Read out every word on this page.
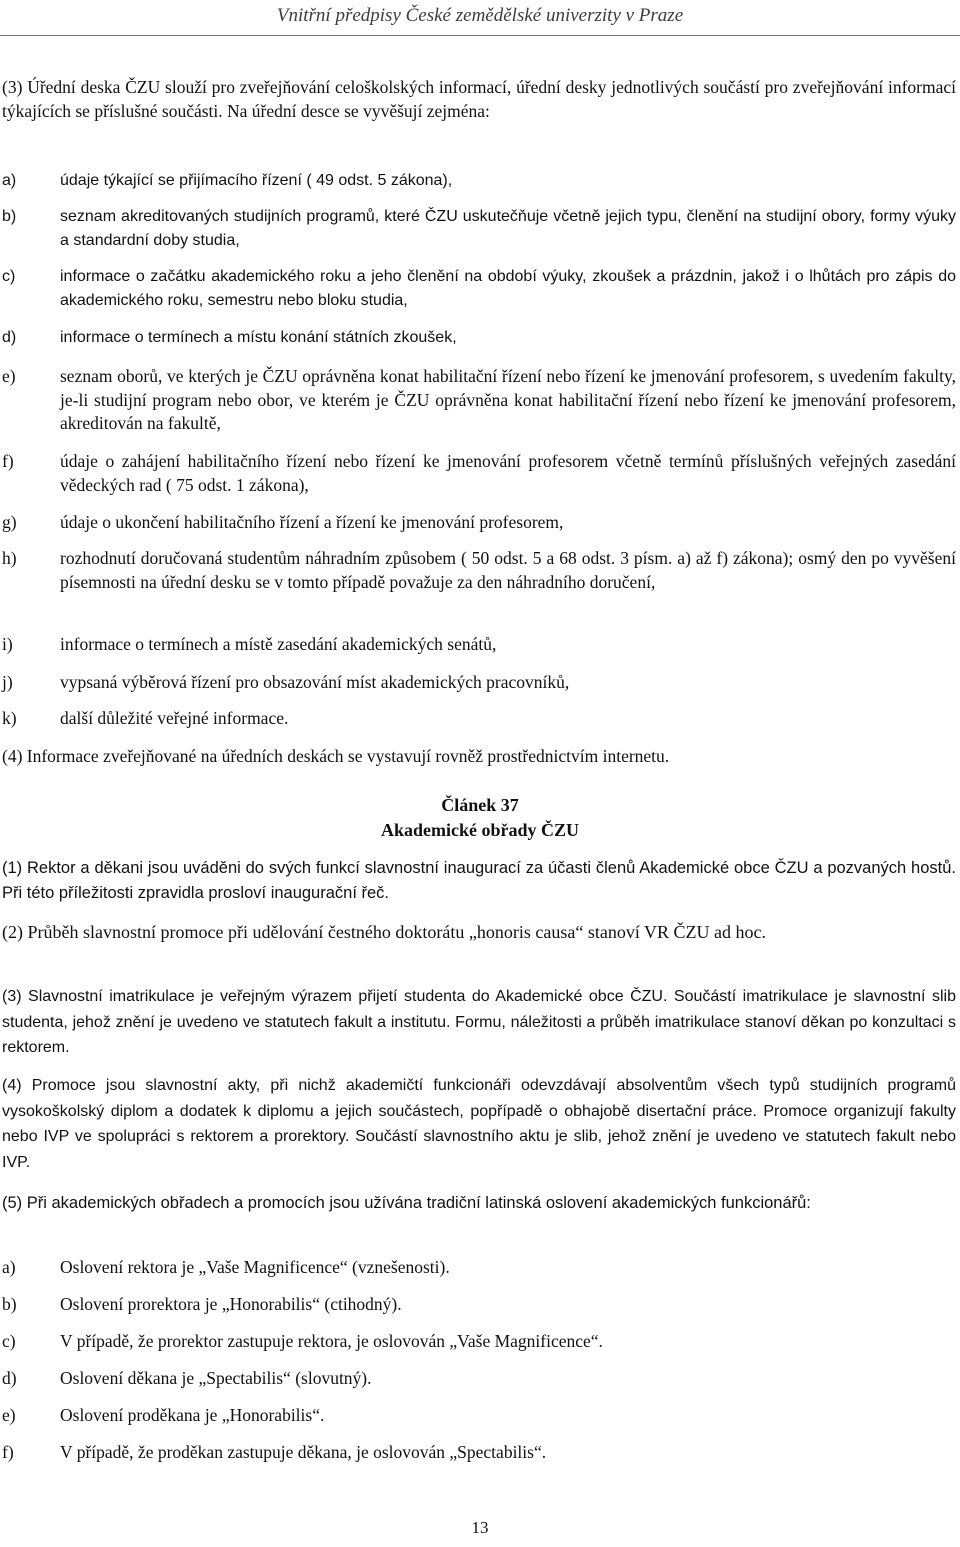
Vnitřní předpisy České zemědělské univerzity v Praze
(3) Úřední deska ČZU slouží pro zveřejňování celoškolských informací, úřední desky jednotlivých součástí pro zveřejňování informací týkajících se příslušné součásti. Na úřední desce se vyvěšují zejména:
a)	údaje týkající se přijímacího řízení ( 49 odst. 5 zákona),
b)	seznam akreditovaných studijních programů, které ČZU uskutečňuje včetně jejich typu, členění na studijní obory, formy výuky a standardní doby studia,
c)	informace o začátku akademického roku a jeho členění na období výuky, zkoušek a prázdnin, jakož i o lhůtách pro zápis do akademického roku, semestru nebo bloku studia,
d)	informace o termínech a místu konání státních zkoušek,
e)	seznam oborů, ve kterých je ČZU oprávněna konat habilitační řízení nebo řízení ke jmenování profesorem, s uvedením fakulty, je-li studijní program nebo obor, ve kterém je ČZU oprávněna konat habilitační řízení nebo řízení ke jmenování profesorem, akreditován na fakultě,
f)	údaje o zahájení habilitačního řízení nebo řízení ke jmenování profesorem včetně termínů příslušných veřejných zasedání vědeckých rad ( 75 odst. 1 zákona),
g)	údaje o ukončení habilitačního řízení a řízení ke jmenování profesorem,
h)	rozhodnutí doručovaná studentům náhradním způsobem ( 50 odst. 5 a 68 odst. 3 písm. a) až f) zákona); osmý den po vyvěšení písemnosti na úřední desku se v tomto případě považuje za den náhradního doručení,
i)	informace o termínech a místě zasedání akademických senátů,
j)	vypsaná výběrová řízení pro obsazování míst akademických pracovníků,
k)	další důležité veřejné informace.
(4) Informace zveřejňované na úředních deskách se vystavují rovněž prostřednictvím internetu.
Článek 37
Akademické obřady ČZU
(1) Rektor a děkani jsou uváděni do svých funkcí slavnostní inaugurací za účasti členů Akademické obce ČZU a pozvaných hostů. Při této příležitosti zpravidla prosloví inaugurační řeč.
(2) Průběh slavnostní promoce při udělování čestného doktorátu „honoris causa“ stanoví VR ČZU ad hoc.
(3) Slavnostní imatrikulace je veřejným výrazem přijetí studenta do Akademické obce ČZU. Součástí imatrikulace je slavnostní slib studenta, jehož znění je uvedeno ve statutech fakult a institutu. Formu, náležitosti a průběh imatrikulace stanoví děkan po konzultaci s rektorem.
(4) Promoce jsou slavnostní akty, při nichž akademičtí funkcionáři odevzdávají absolventům všech typů studijních programů vysokoškolský diplom a dodatek k diplomu a jejich součástech, popřípadě o obhajobě disertační práce. Promoce organizují fakulty nebo IVP ve spolupráci s rektorem a prorektory. Součástí slavnostního aktu je slib, jehož znění je uvedeno ve statutech fakult nebo IVP.
(5) Při akademických obřadech a promocích jsou užívána tradiční latinská oslovení akademických funkcionářů:
a)	Oslovení rektora je „Vaše Magnificence“ (vznešenosti).
b)	Oslovení prorektora je „Honorabilis“ (ctihodný).
c)	V případě, že prorektor zastupuje rektora, je oslovován „Vaše Magnificence“.
d)	Oslovení děkana je „Spectabilis“ (slovutný).
e)	Oslovení proděkana je „Honorabilis“.
f)	V případě, že proděkan zastupuje děkana, je oslovován „Spectabilis“.
13
